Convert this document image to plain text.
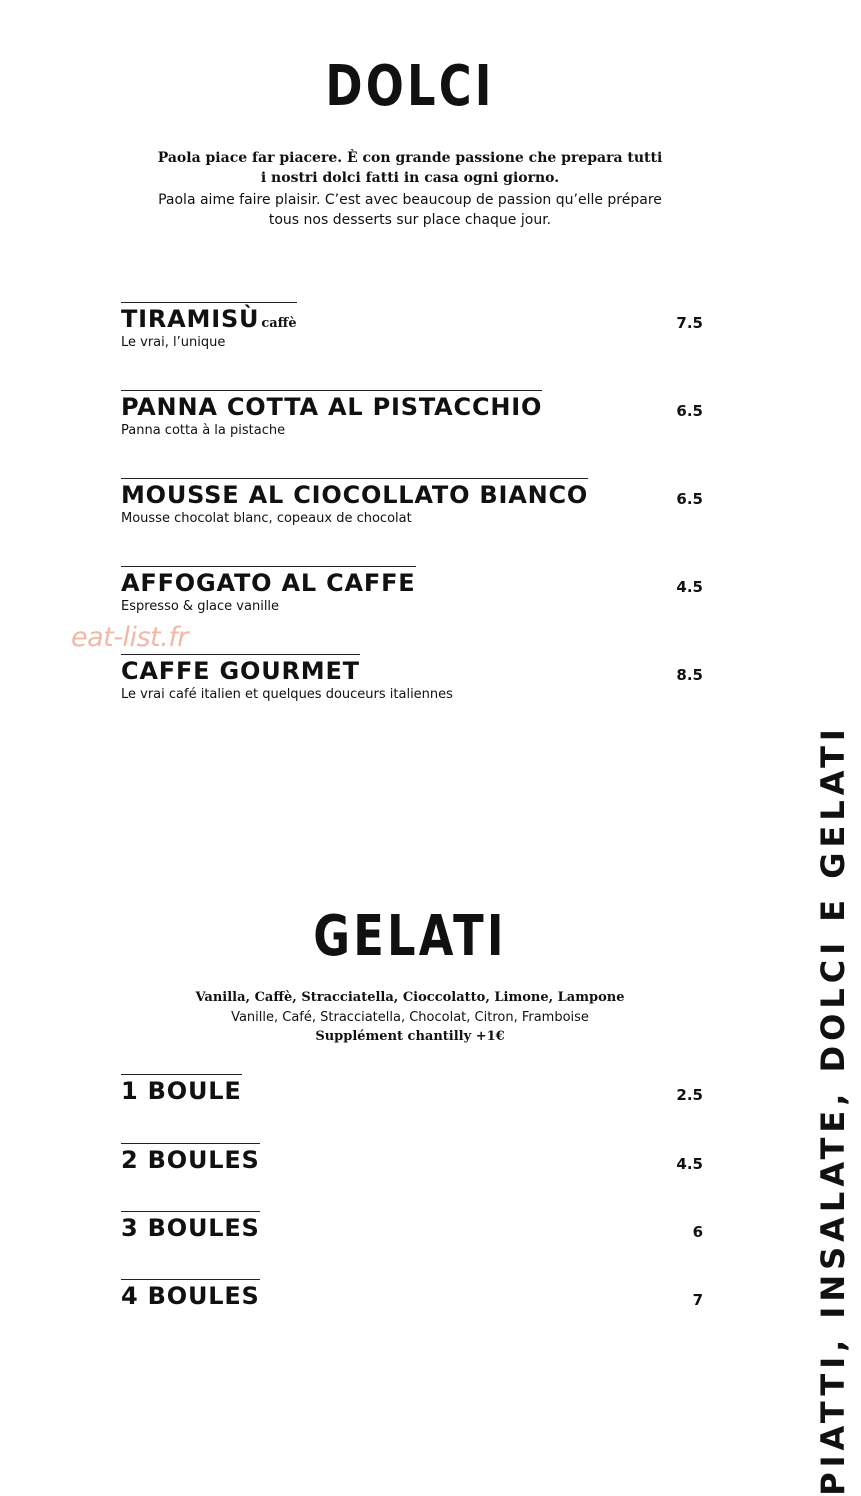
DOLCI
Paola piace far piacere. È con grande passione che prepara tutti
i nostri dolci fatti in casa ogni giorno.
Paola aime faire plaisir. C’est avec beaucoup de passion qu’elle prépare
tous nos desserts sur place chaque jour.
TIRAMISÙ caffè
Le vrai, l’unique
7.5
PANNA COTTA AL PISTACCHIO
Panna cotta à la pistache
6.5
MOUSSE AL CIOCOLLATO BIANCO
Mousse chocolat blanc, copeaux de chocolat
6.5
AFFOGATO AL CAFFE
Espresso & glace vanille
4.5
CAFFE GOURMET
Le vrai café italien et quelques douceurs italiennes
8.5
eat-list.fr
GELATI
Vanilla, Caffè, Stracciatella, Cioccolatto, Limone, Lampone
Vanille, Café, Stracciatella, Chocolat, Citron, Framboise
Supplément chantilly +1€
1 BOULE	2.5
2 BOULES	4.5
3 BOULES	6
4 BOULES	7	PIATTI, INSALATE, DOLCI E GELATI
